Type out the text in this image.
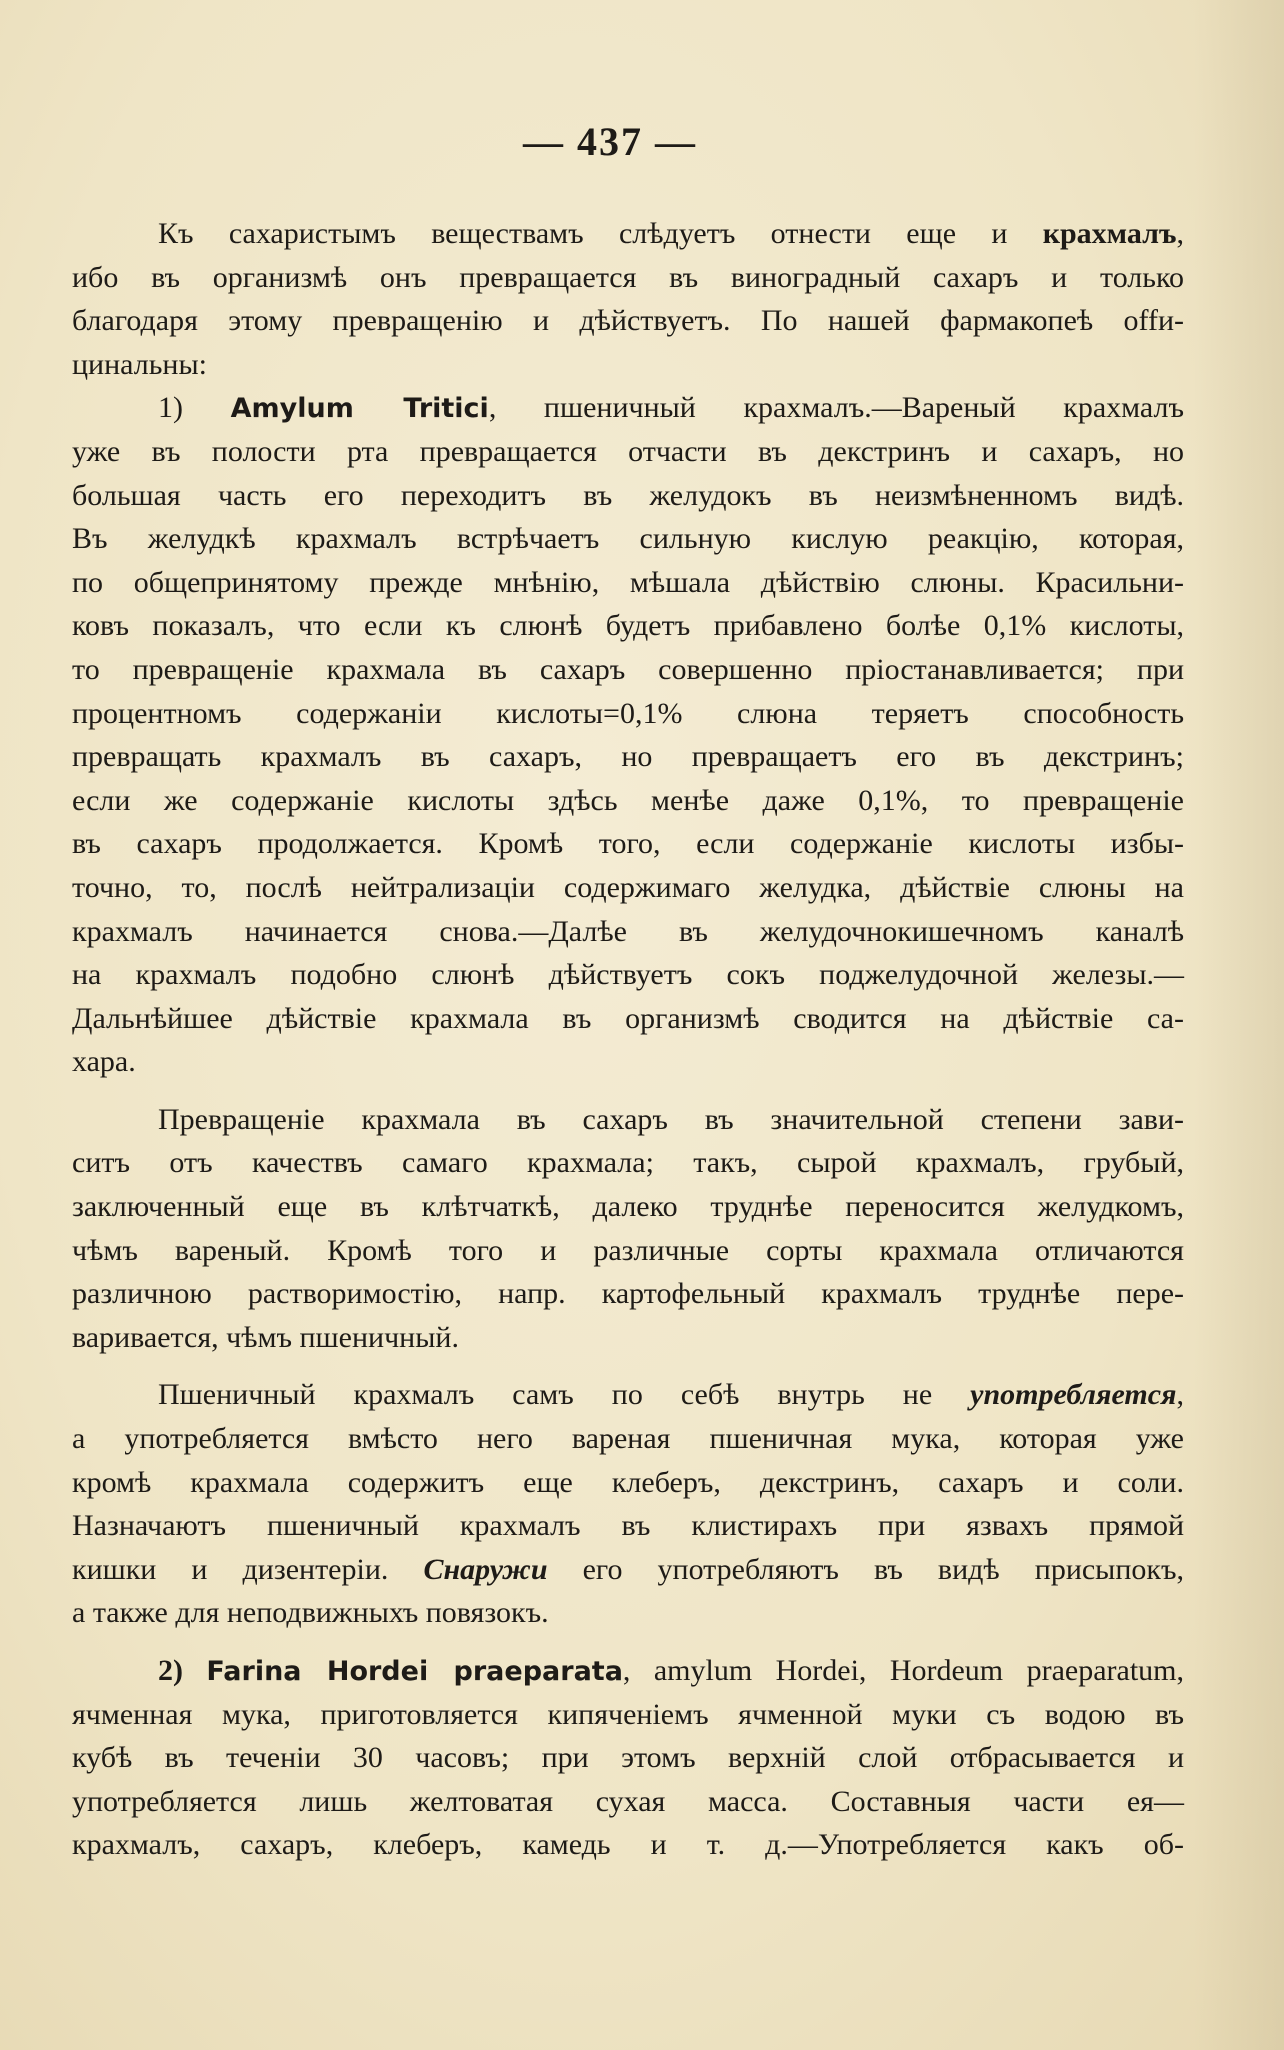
— 437 —
Къ сахаристымъ веществамъ слѣдуетъ отнести еще и крахмалъ,
ибо въ организмѣ онъ превращается въ виноградный сахаръ и только
благодаря этому превращенію и дѣйствуетъ. По нашей фармакопеѣ offи-
цинальны:
1) Amylum Tritici, пшеничный крахмалъ.—Вареный крахмалъ
уже въ полости рта превращается отчасти въ декстринъ и сахаръ, но
большая часть его переходитъ въ желудокъ въ неизмѣненномъ видѣ.
Въ желудкѣ крахмалъ встрѣчаетъ сильную кислую реакцію, которая,
по общепринятому прежде мнѣнію, мѣшала дѣйствію слюны. Красильни-
ковъ показалъ, что если къ слюнѣ будетъ прибавлено болѣе 0,1% кислоты,
то превращеніе крахмала въ сахаръ совершенно пріостанавливается; при
процентномъ содержаніи кислоты=0,1% слюна теряетъ способность
превращать крахмалъ въ сахаръ, но превращаетъ его въ декстринъ;
если же содержаніе кислоты здѣсь менѣе даже 0,1%, то превращеніе
въ сахаръ продолжается. Кромѣ того, если содержаніе кислоты избы-
точно, то, послѣ нейтрализаціи содержимаго желудка, дѣйствіе слюны на
крахмалъ начинается снова.—Далѣе въ желудочнокишечномъ каналѣ
на крахмалъ подобно слюнѣ дѣйствуетъ сокъ поджелудочной железы.—
Дальнѣйшее дѣйствіе крахмала въ организмѣ сводится на дѣйствіе са-
хара.
Превращеніе крахмала въ сахаръ въ значительной степени зави-
ситъ отъ качествъ самаго крахмала; такъ, сырой крахмалъ, грубый,
заключенный еще въ клѣтчаткѣ, далеко труднѣе переносится желудкомъ,
чѣмъ вареный. Кромѣ того и различные сорты крахмала отличаются
различною растворимостію, напр. картофельный крахмалъ труднѣе пере-
варивается, чѣмъ пшеничный.
Пшеничный крахмалъ самъ по себѣ внутрь не употребляется,
а употребляется вмѣсто него вареная пшеничная мука, которая уже
кромѣ крахмала содержитъ еще клеберъ, декстринъ, сахаръ и соли.
Назначаютъ пшеничный крахмалъ въ клистирахъ при язвахъ прямой
кишки и дизентеріи. Снаружи его употребляютъ въ видѣ присыпокъ,
а также для неподвижныхъ повязокъ.
2) Farina Hordei praeparata, amylum Hordei, Hordeum praeparatum,
ячменная мука, приготовляется кипяченіемъ ячменной муки съ водою въ
кубѣ въ теченіи 30 часовъ; при этомъ верхній слой отбрасывается и
употребляется лишь желтоватая сухая масса. Составныя части ея—
крахмалъ, сахаръ, клеберъ, камедь и т. д.—Употребляется какъ об-
